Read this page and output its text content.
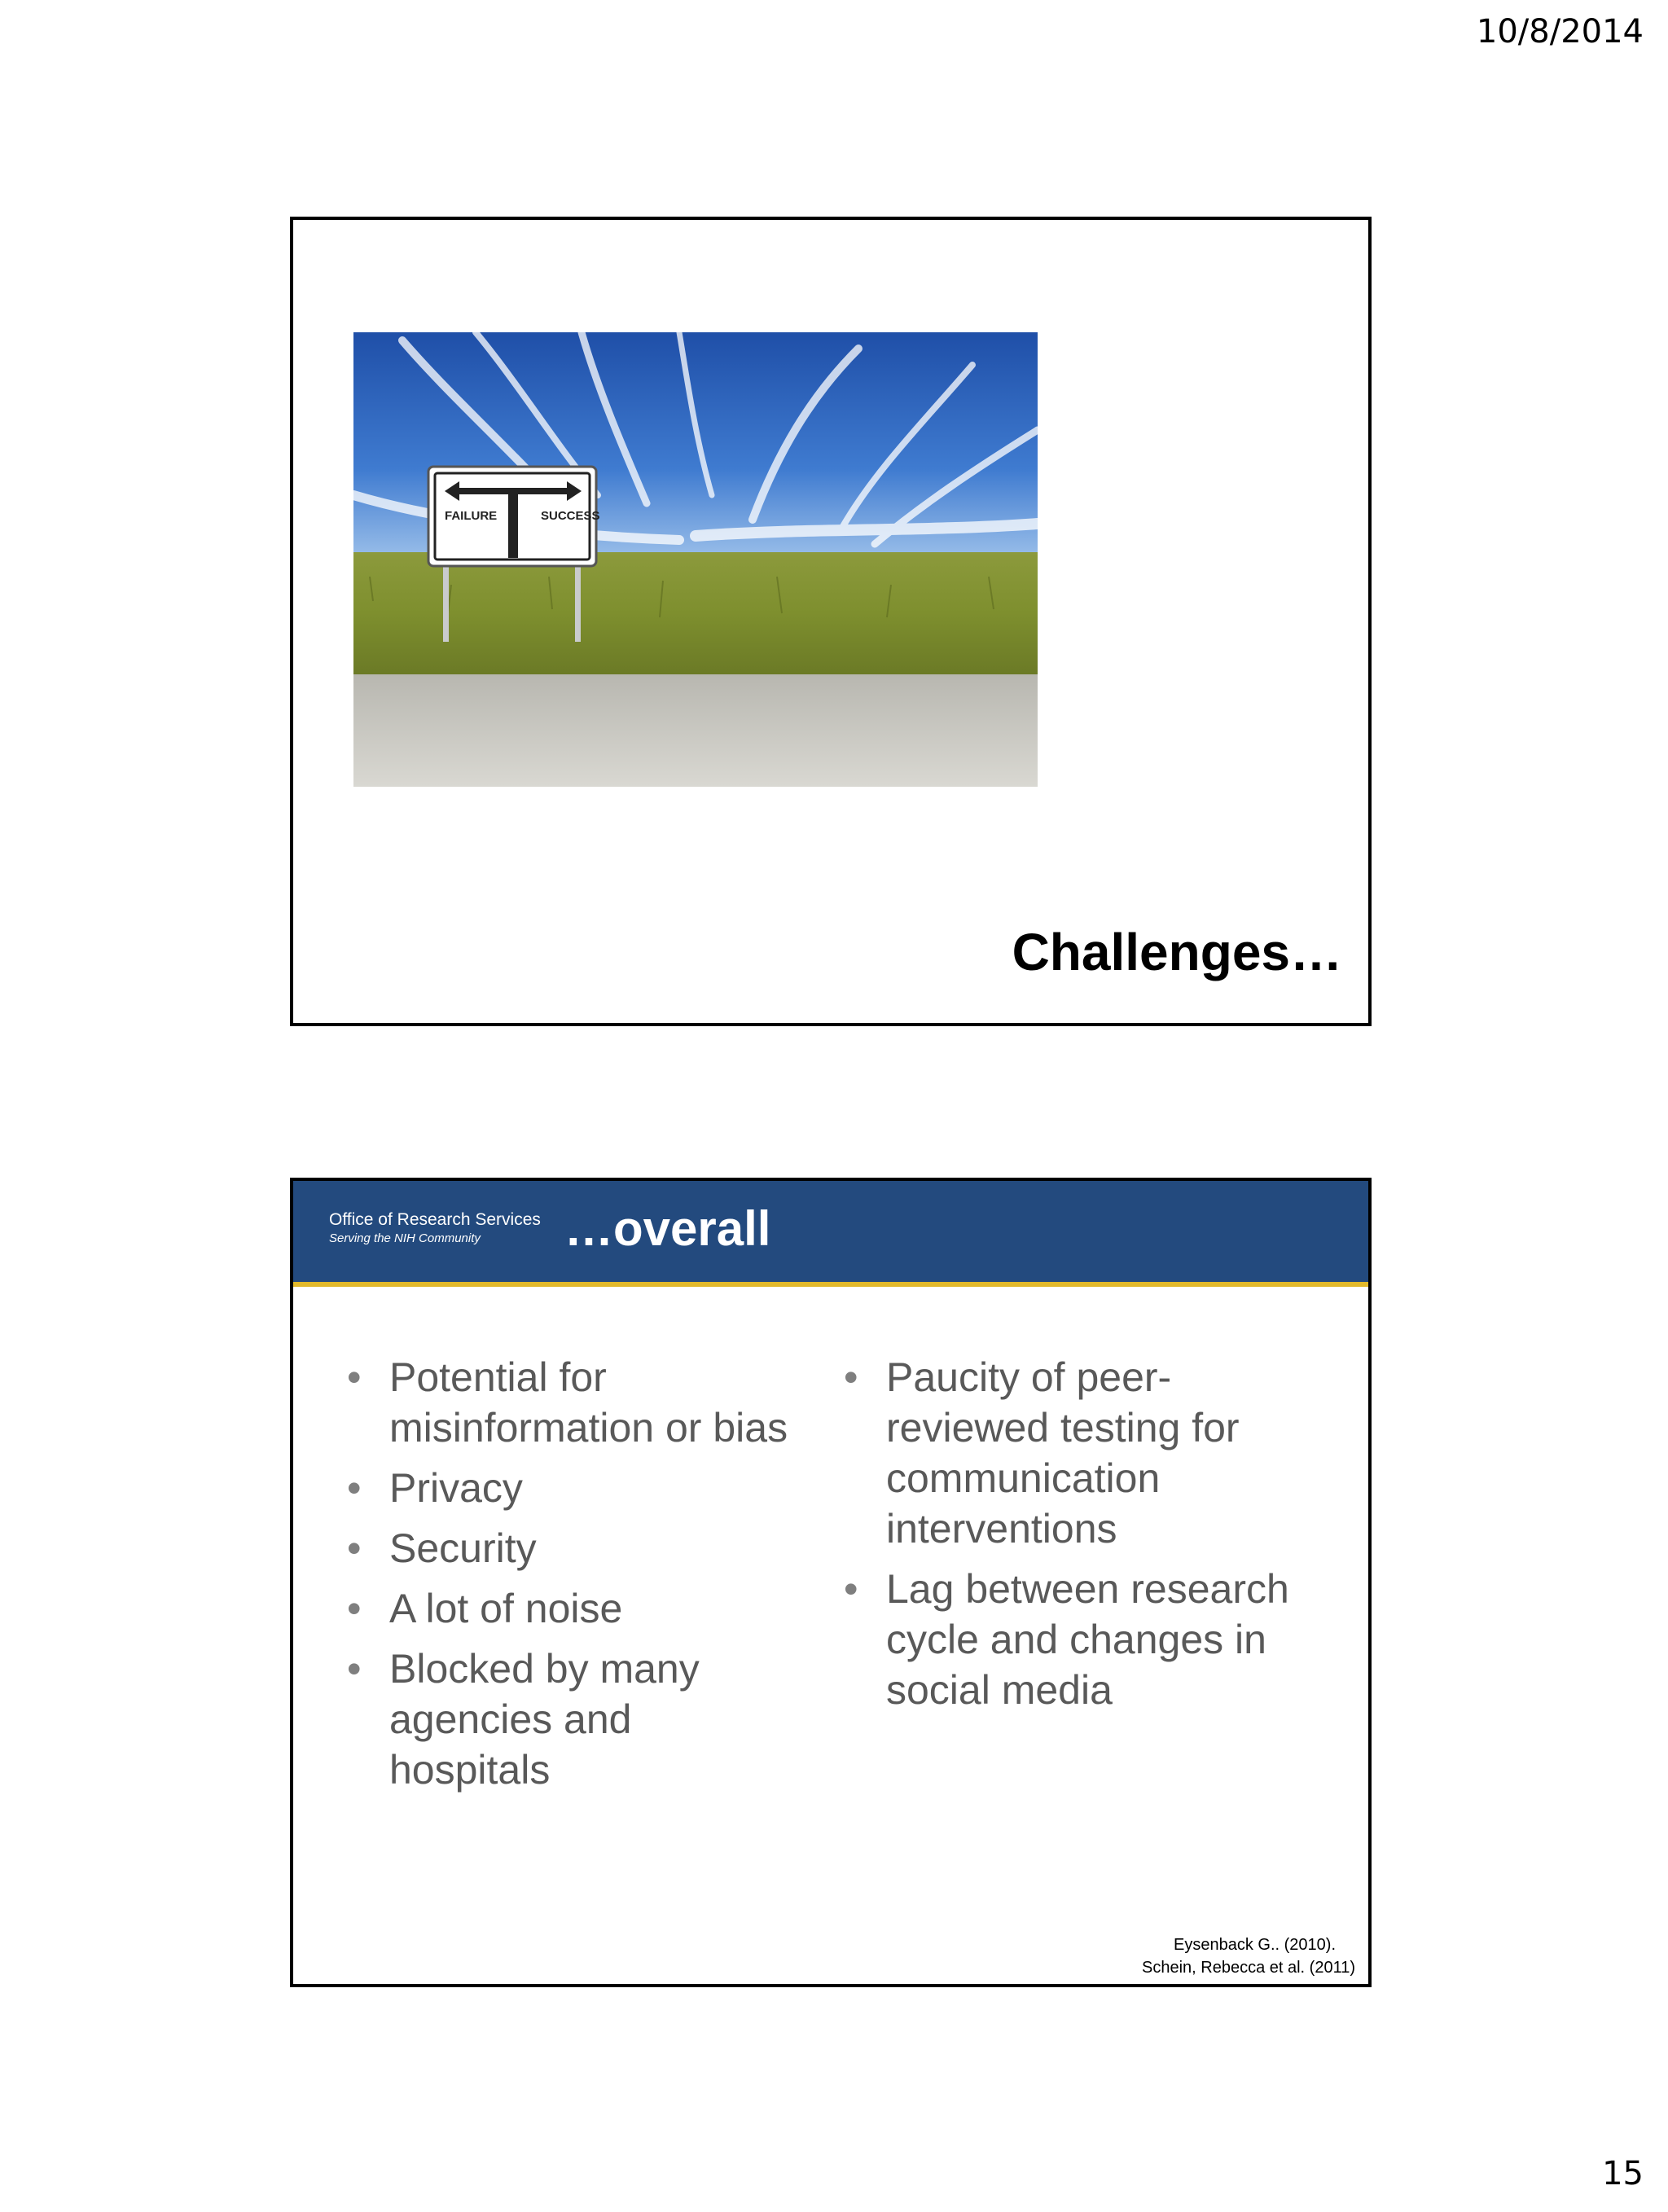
10/8/2014
FAILURE	SUCCESS
Challenges…
Office of Research Services
Serving the NIH Community …overall
• Potential for misinformation or bias
• Privacy
• Security
• A lot of noise
• Blocked by many agencies and hospitals
• Paucity of peer-reviewed testing for communication interventions
• Lag between research cycle and changes in social media
Eysenback G.. (2010).
Schein, Rebecca et al. (2011)
15
